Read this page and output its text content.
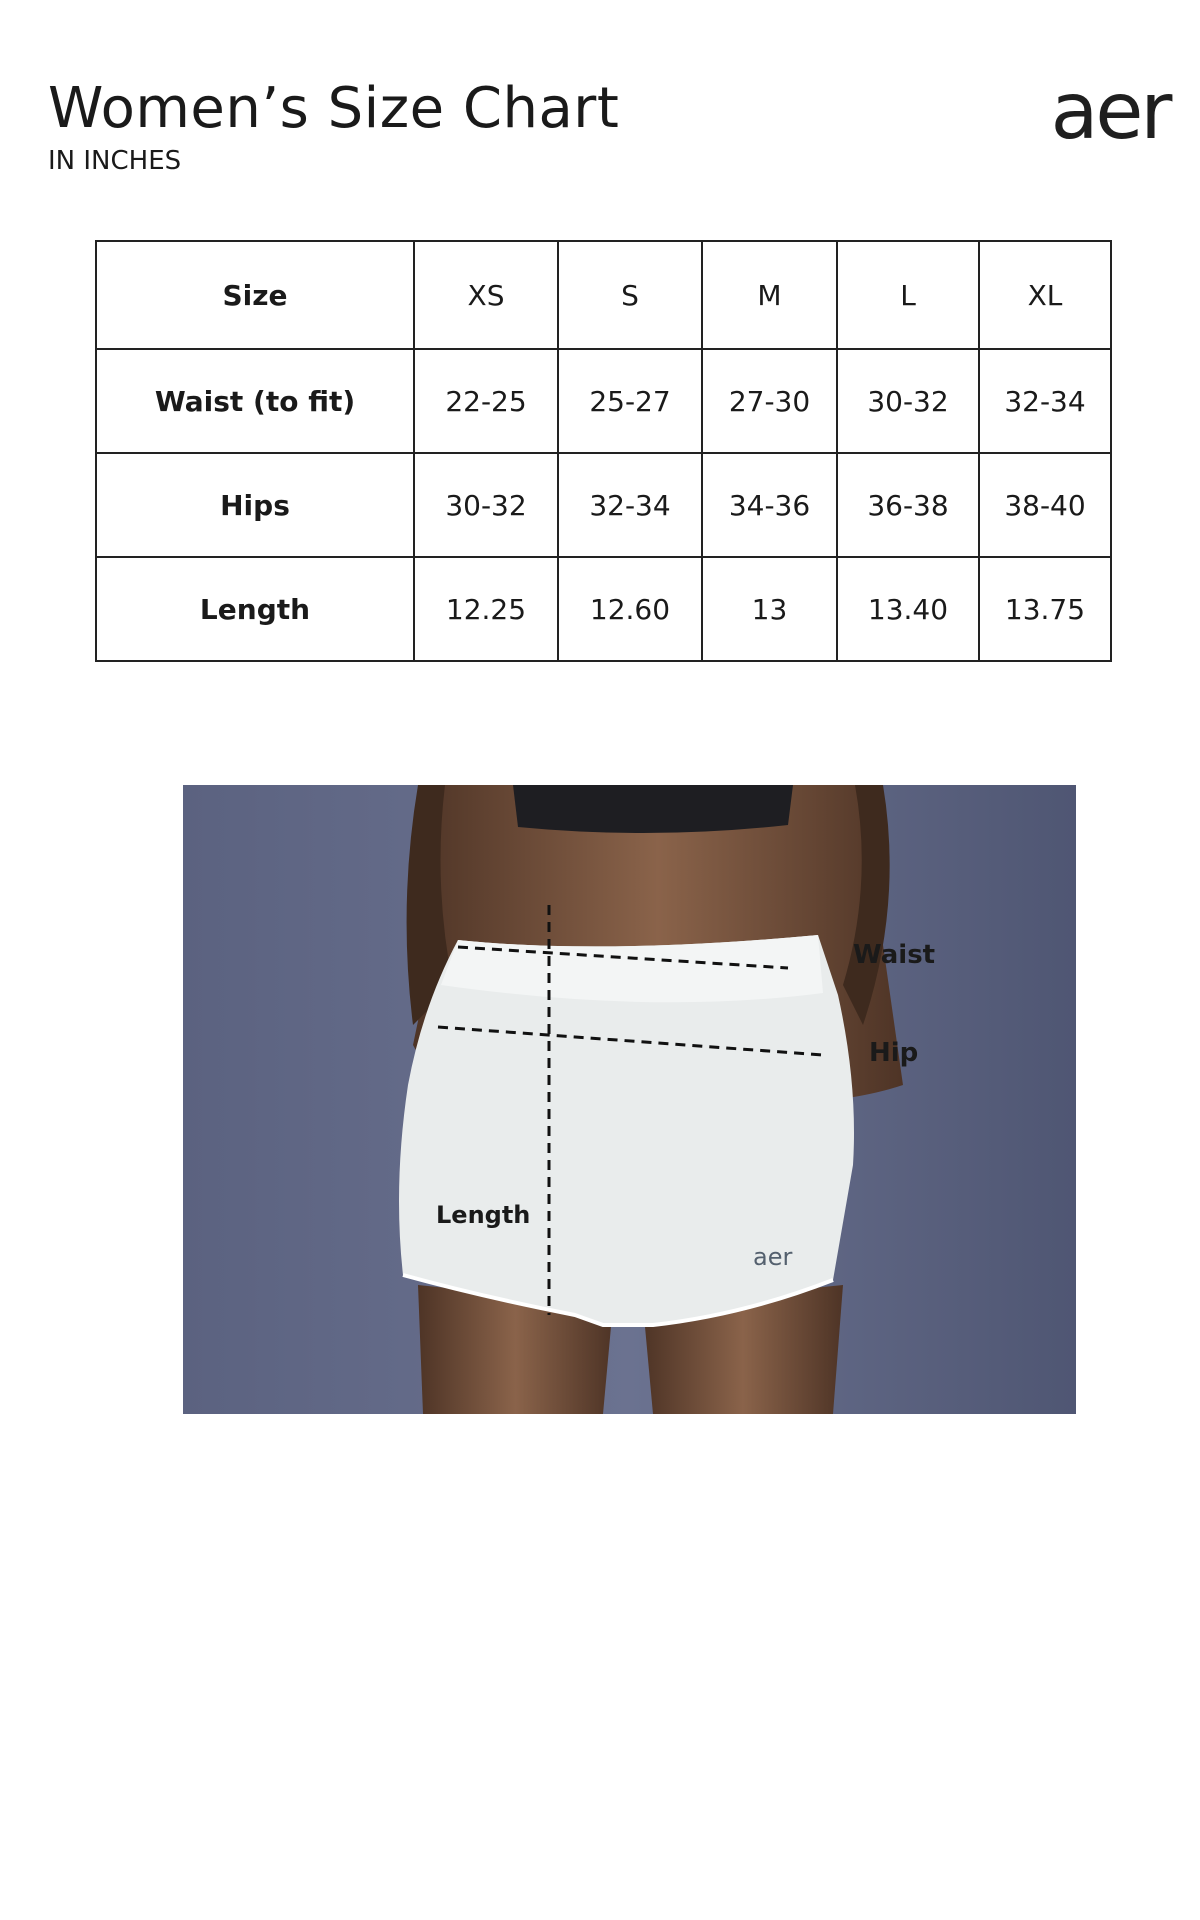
Women’s Size Chart
IN INCHES
aer
Size	XS	S	M	L	XL
Waist (to fit)	22-25	25-27	27-30	30-32	32-34
Hips	30-32	32-34	34-36	36-38	38-40
Length	12.25	12.60	13	13.40	13.75
Waist
Hip
Length
aer
